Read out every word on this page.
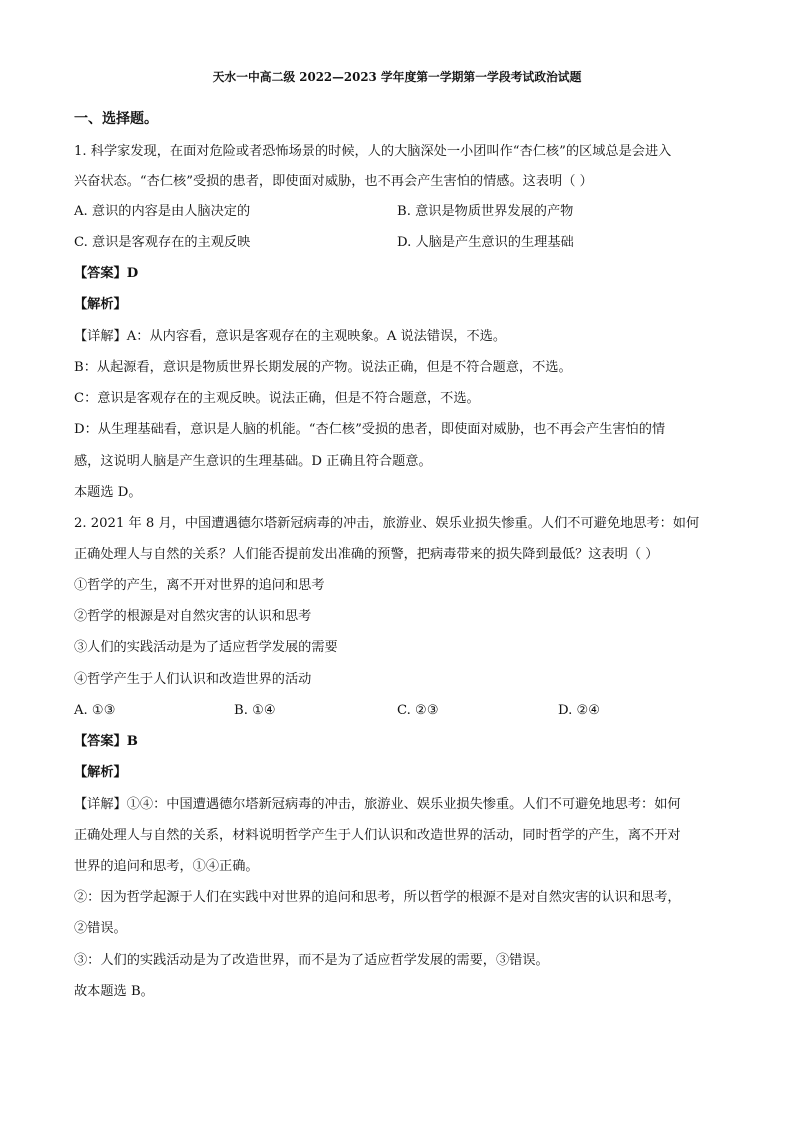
天水一中高二级 2022—2023 学年度第一学期第一学段考试政治试题
一、选择题。
1. 科学家发现，在面对危险或者恐怖场景的时候，人的大脑深处一小团叫作“杏仁核”的区域总是会进入
兴奋状态。“杏仁核”受损的患者，即使面对威胁，也不再会产生害怕的情感。这表明（ ）
A. 意识的内容是由人脑决定的	B. 意识是物质世界发展的产物
C. 意识是客观存在的主观反映	D. 人脑是产生意识的生理基础
【答案】D
【解析】
【详解】A：从内容看，意识是客观存在的主观映象。A 说法错误，不选。
B：从起源看，意识是物质世界长期发展的产物。说法正确，但是不符合题意，不选。
C：意识是客观存在的主观反映。说法正确，但是不符合题意，不选。
D：从生理基础看，意识是人脑的机能。“杏仁核”受损的患者，即使面对威胁，也不再会产生害怕的情
感，这说明人脑是产生意识的生理基础。D 正确且符合题意。
本题选 D。
2. 2021 年 8 月，中国遭遇德尔塔新冠病毒的冲击，旅游业、娱乐业损失惨重。人们不可避免地思考：如何
正确处理人与自然的关系？人们能否提前发出准确的预警，把病毒带来的损失降到最低？这表明（ ）
①哲学的产生，离不开对世界的追问和思考
②哲学的根源是对自然灾害的认识和思考
③人们的实践活动是为了适应哲学发展的需要
④哲学产生于人们认识和改造世界的活动
A. ①③	B. ①④	C. ②③	D. ②④
【答案】B
【解析】
【详解】①④：中国遭遇德尔塔新冠病毒的冲击，旅游业、娱乐业损失惨重。人们不可避免地思考：如何
正确处理人与自然的关系，材料说明哲学产生于人们认识和改造世界的活动，同时哲学的产生，离不开对
世界的追问和思考，①④正确。
②：因为哲学起源于人们在实践中对世界的追问和思考，所以哲学的根源不是对自然灾害的认识和思考，
②错误。
③：人们的实践活动是为了改造世界，而不是为了适应哲学发展的需要，③错误。
故本题选 B。
